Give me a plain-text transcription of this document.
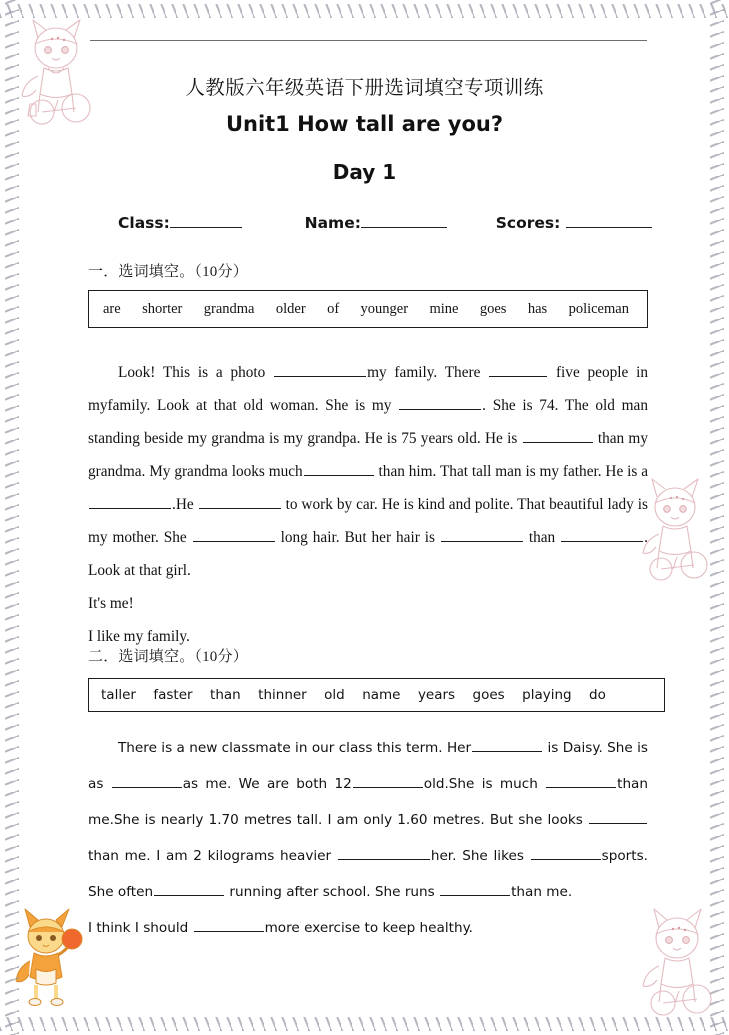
人教版六年级英语下册选词填空专项训练
Unit1 How tall are you?
Day 1
Class:	Name:	Scores:
一．选词填空。（10分）
are shorter grandma older of younger mine goes has policeman
Look! This is a photo	my family. There	five people in myfamily. Look at that old woman. She is my	. She is 74. The old man standing beside my grandma is my grandpa. He is 75 years old. He is	than my grandma. My grandma looks much	than him. That tall man is my father. He is a .He	to work by car. He is kind and polite. That beautiful lady is my mother. She	long hair. But her hair is	than	. Look at that girl.
It's me!
I like my family.
二．选词填空。（10分）
taller faster than thinner old name years goes playing do
There is a new classmate in our class this term. Her	is Daisy. She is as	as me. We are both 12	old.She is much	than me.She is nearly 1.70 metres tall. I am only 1.60 metres. But she looks than me. I am 2 kilograms heavier	her. She likes	sports. She often	running after school. She runs	than me.
I think I should	more exercise to keep healthy.
